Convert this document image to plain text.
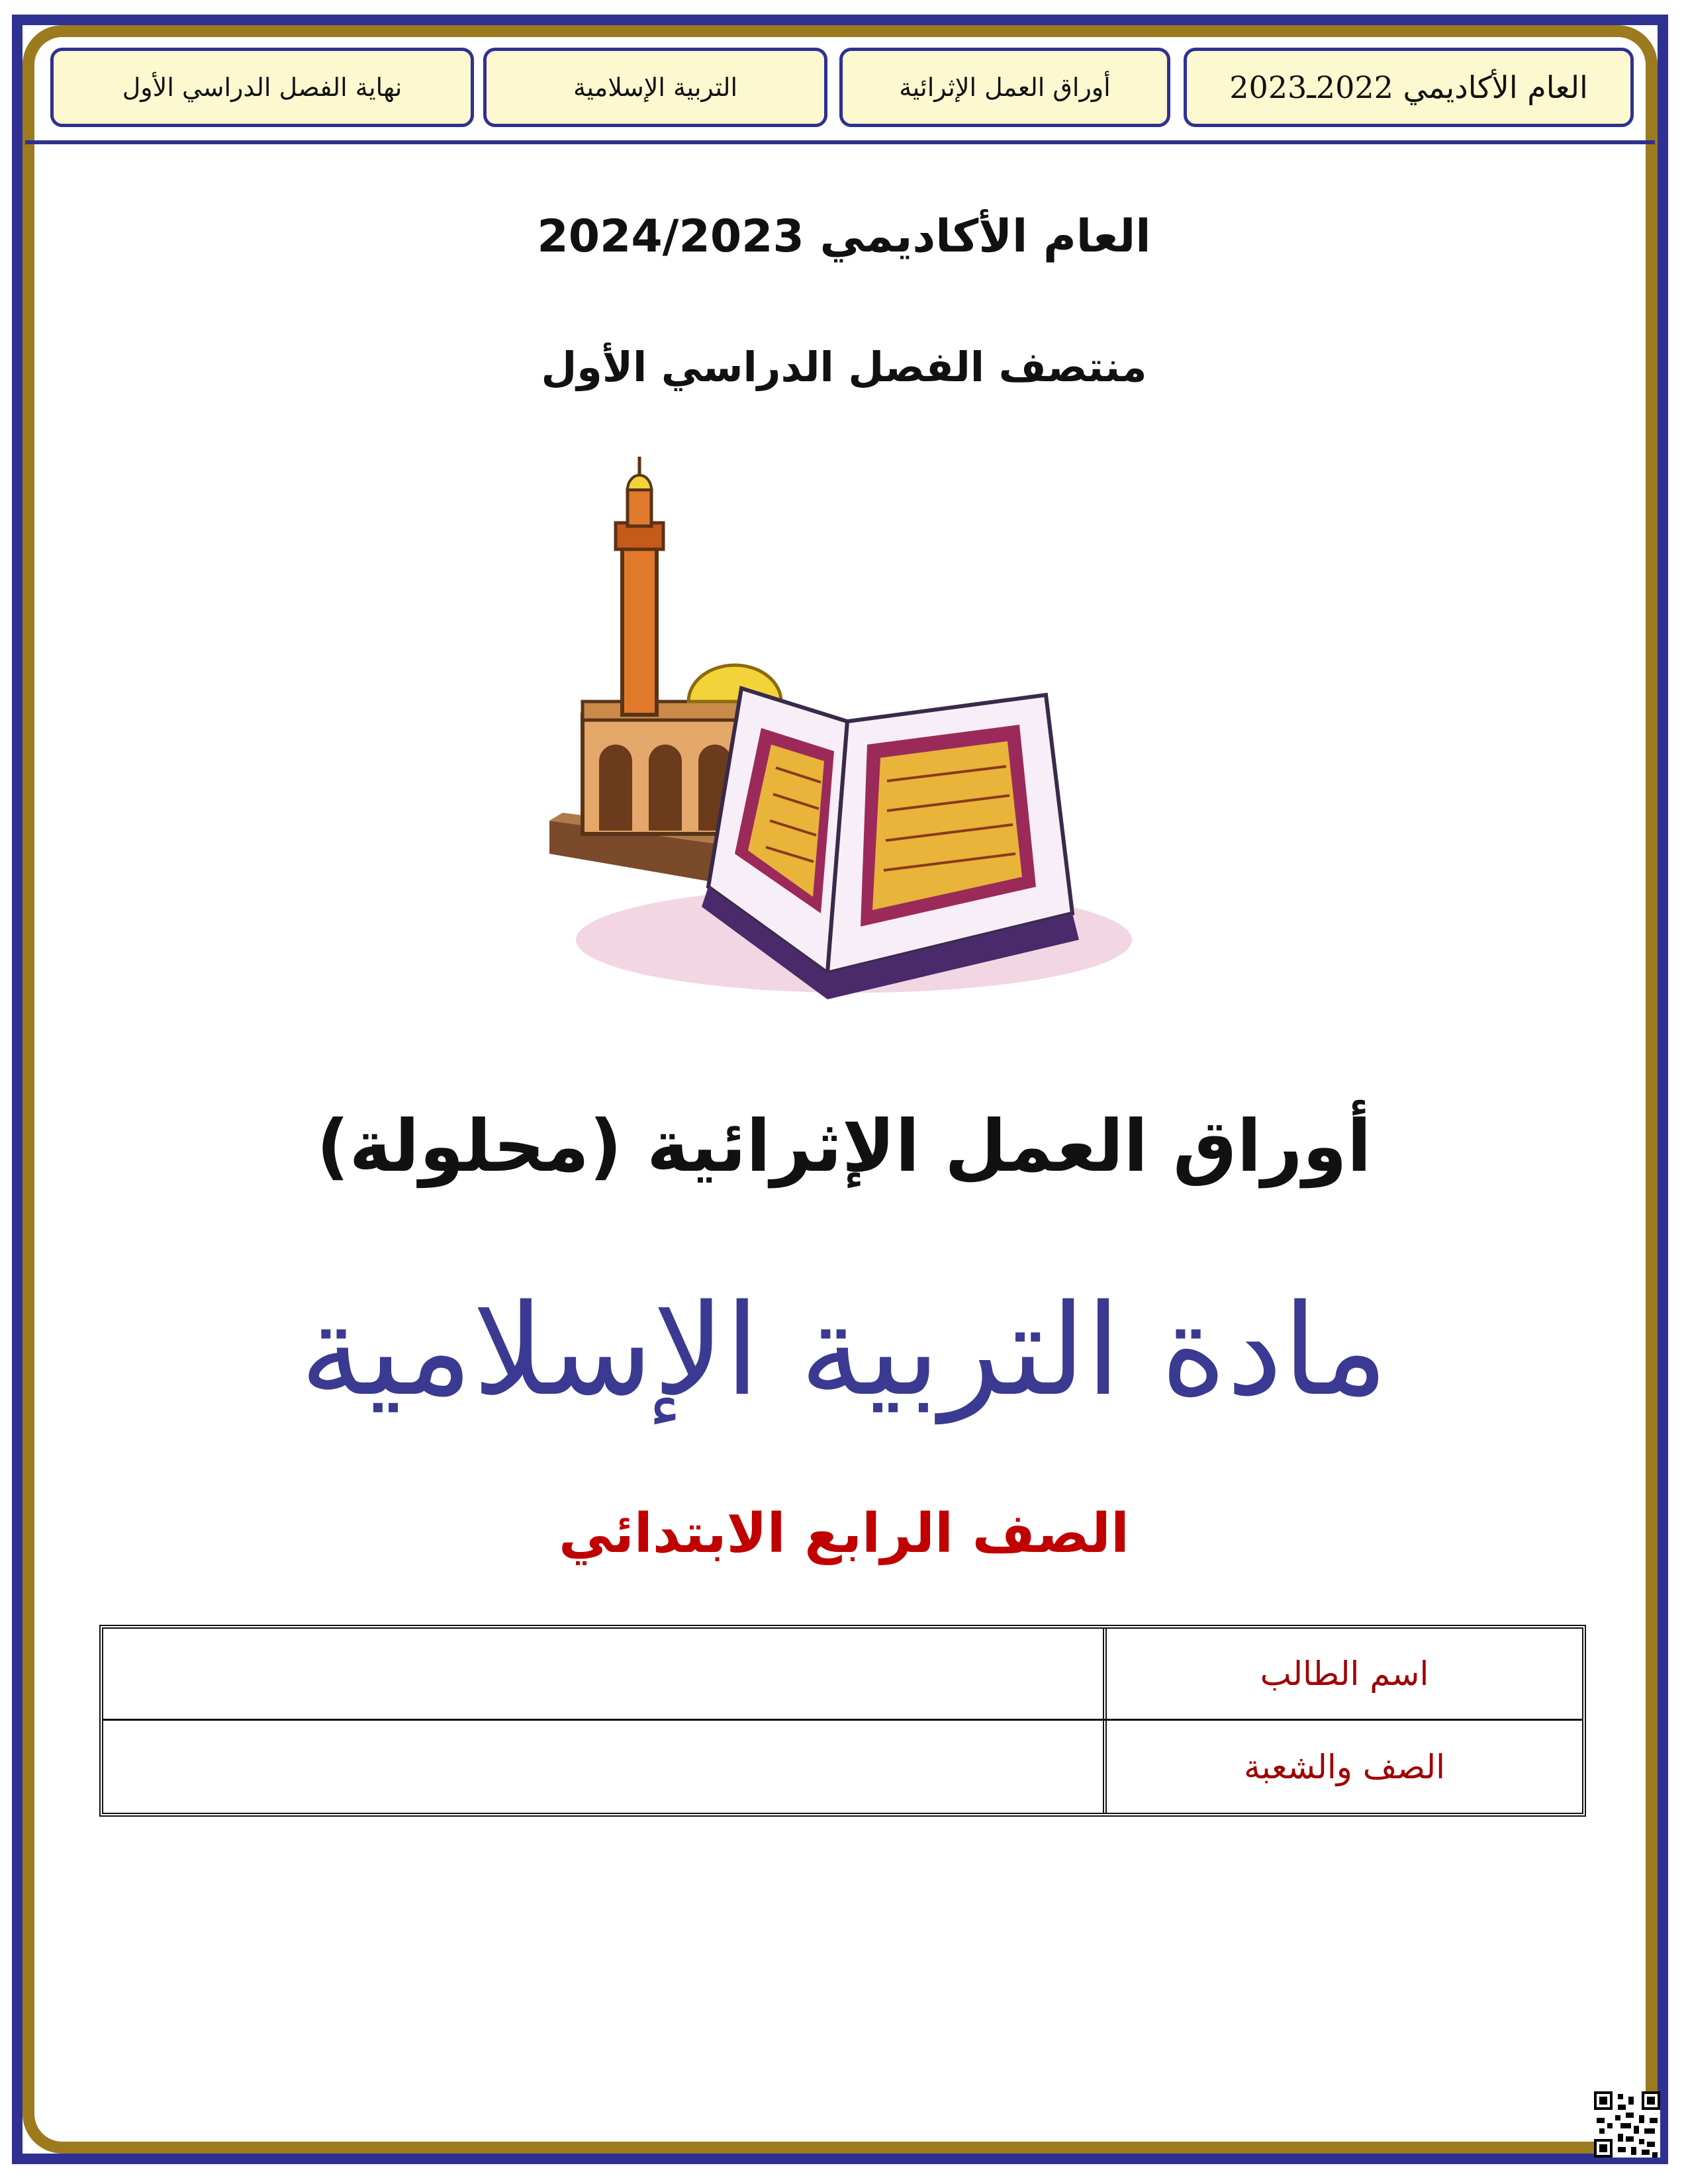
العام الأكاديمي 2022ـ2023
أوراق العمل الإثرائية
التربية الإسلامية
نهاية الفصل الدراسي الأول
العام الأكاديمي 2024/2023
منتصف الفصل الدراسي الأول
أوراق العمل الإثرائية (محلولة)
مادة التربية الإسلامية
الصف الرابع الابتدائي
اسم الطالب
الصف والشعبة
